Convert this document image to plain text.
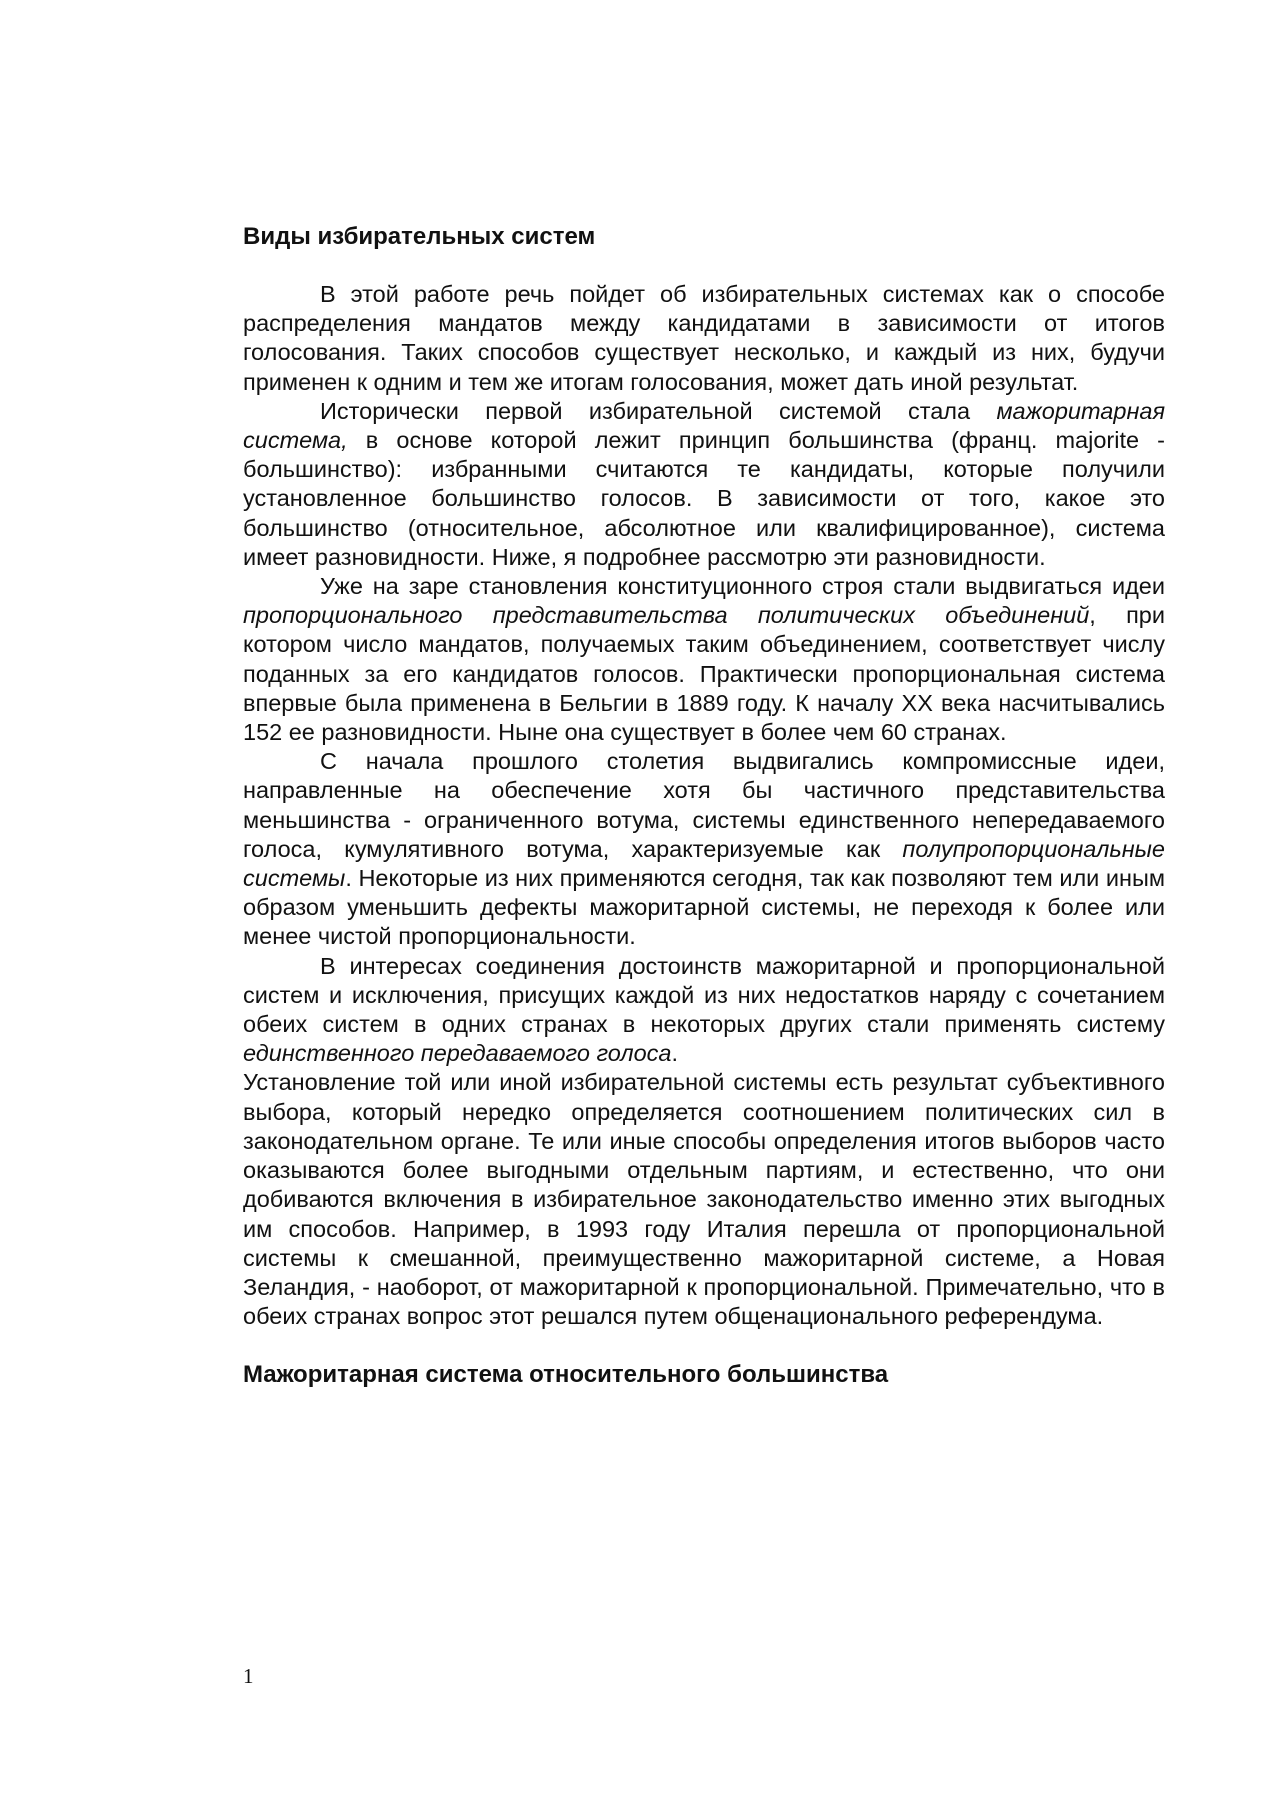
Виды избирательных систем

В этой работе речь пойдет об избирательных системах как о способе распределения мандатов между кандидатами в зависимости от итогов голосования. Таких способов существует несколько, и каждый из них, будучи применен к одним и тем же итогам голосования, может дать иной результат.

Исторически первой избирательной системой стала мажоритарная система, в основе которой лежит принцип большинства (франц. majorite - большинство): избранными считаются те кандидаты, которые получили установленное большинство голосов. В зависимости от того, какое это большинство (относительное, абсолютное или квалифицированное), система имеет разновидности. Ниже, я подробнее рассмотрю эти разновидности.

Уже на заре становления конституционного строя стали выдвигаться идеи пропорционального представительства политических объединений, при котором число мандатов, получаемых таким объединением, соответствует числу поданных за его кандидатов голосов. Практически пропорциональная система впервые была применена в Бельгии в 1889 году. К началу XX века насчитывались 152 ее разновидности. Ныне она существует в более чем 60 странах.

С начала прошлого столетия выдвигались компромиссные идеи, направленные на обеспечение хотя бы частичного представительства меньшинства - ограниченного вотума, системы единственного непередаваемого голоса, кумулятивного вотума, характеризуемые как полупропорциональные системы. Некоторые из них применяются сегодня, так как позволяют тем или иным образом уменьшить дефекты мажоритарной системы, не переходя к более или менее чистой пропорциональности.

В интересах соединения достоинств мажоритарной и пропорциональной систем и исключения, присущих каждой из них недостатков наряду с сочетанием обеих систем в одних странах в некоторых других стали применять систему единственного передаваемого голоса.

Установление той или иной избирательной системы есть результат субъективного выбора, который нередко определяется соотношением политических сил в законодательном органе. Те или иные способы определения итогов выборов часто оказываются более выгодными отдельным партиям, и естественно, что они добиваются включения в избирательное законодательство именно этих выгодных им способов. Например, в 1993 году Италия перешла от пропорциональной системы к смешанной, преимущественно мажоритарной системе, а Новая Зеландия, - наоборот, от мажоритарной к пропорциональной. Примечательно, что в обеих странах вопрос этот решался путем общенационального референдума.

Мажоритарная система относительного большинства
1
